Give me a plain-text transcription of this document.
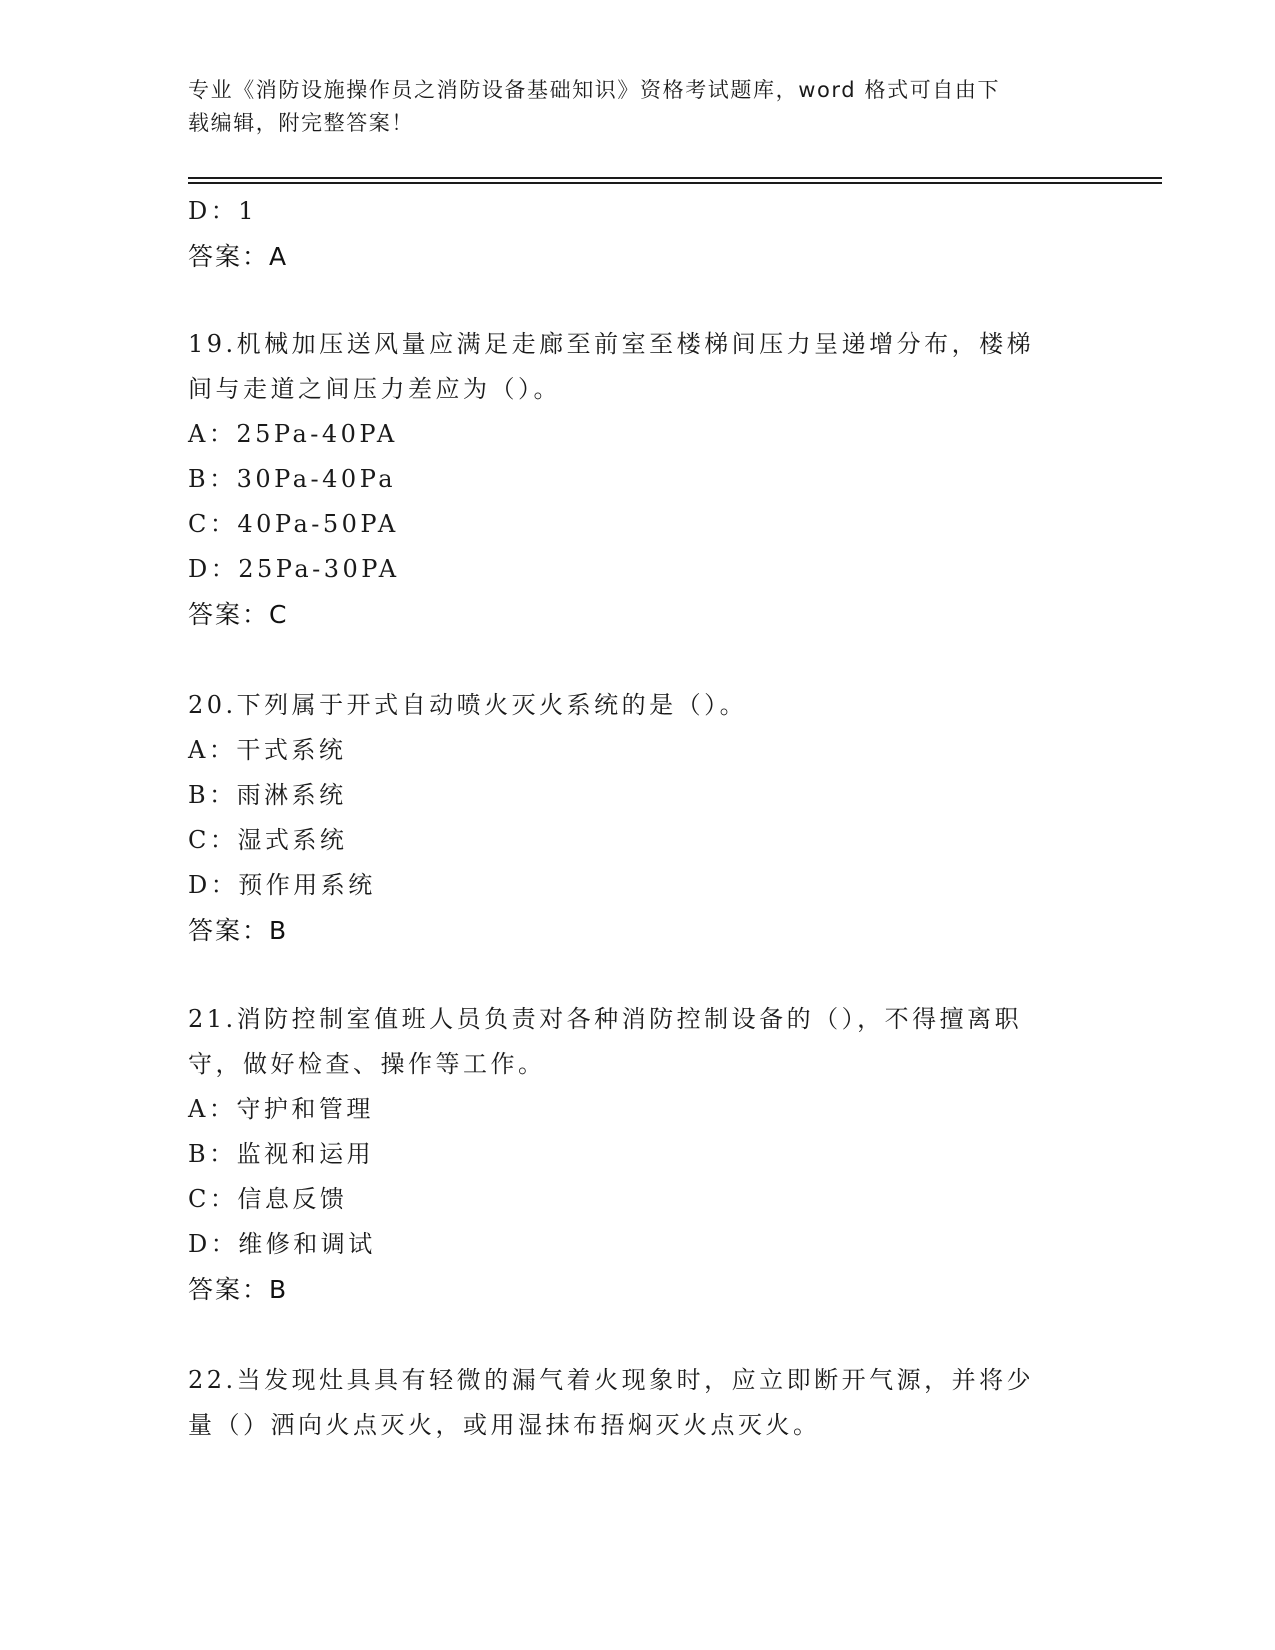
专业《消防设施操作员之消防设备基础知识》资格考试题库，word 格式可自由下
载编辑，附完整答案！
D：1
答案：A
19.机械加压送风量应满足走廊至前室至楼梯间压力呈递增分布，楼梯
间与走道之间压力差应为（）。
A：25Pa-40PA
B：30Pa-40Pa
C：40Pa-50PA
D：25Pa-30PA
答案：C
20.下列属于开式自动喷火灭火系统的是（）。
A：干式系统
B：雨淋系统
C：湿式系统
D：预作用系统
答案：B
21.消防控制室值班人员负责对各种消防控制设备的（），不得擅离职
守，做好检查、操作等工作。
A：守护和管理
B：监视和运用
C：信息反馈
D：维修和调试
答案：B
22.当发现灶具具有轻微的漏气着火现象时，应立即断开气源，并将少
量（）洒向火点灭火，或用湿抹布捂焖灭火点灭火。
